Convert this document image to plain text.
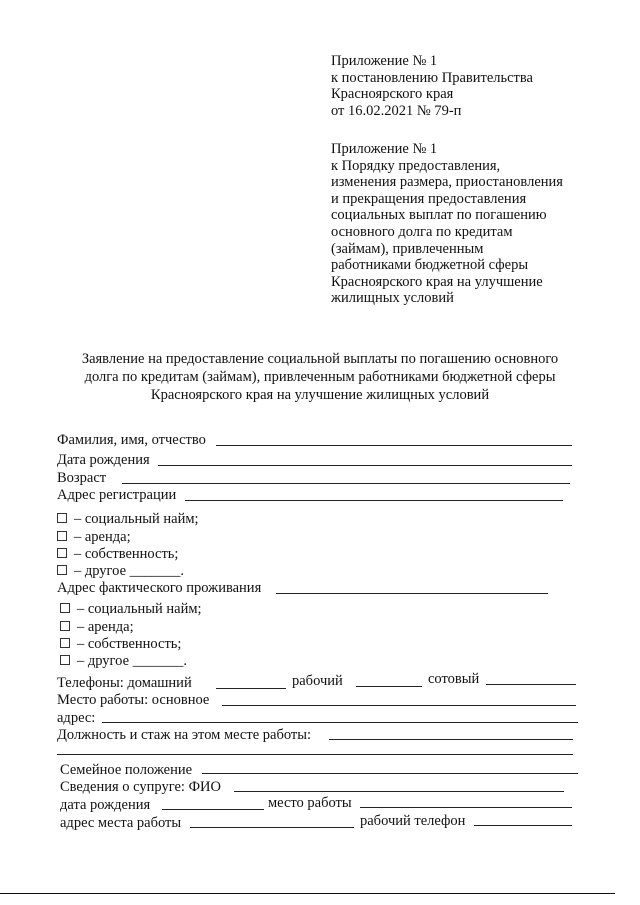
Приложение № 1
к постановлению Правительства
Красноярского края
от 16.02.2021 № 79-п
Приложение № 1
к Порядку предоставления,
изменения размера, приостановления
и прекращения предоставления
социальных выплат по погашению
основного долга по кредитам
(займам), привлеченным
работниками бюджетной сферы
Красноярского края на улучшение
жилищных условий
Заявление на предоставление социальной выплаты по погашению основного
долга по кредитам (займам), привлеченным работниками бюджетной сферы
Красноярского края на улучшение жилищных условий
Фамилия, имя, отчество
Дата рождения
Возраст
Адрес регистрации
– социальный найм;
– аренда;
– собственность;
– другое _______.
Адрес фактического проживания
– социальный найм;
– аренда;
– собственность;
– другое _______.
Телефоны: домашний	рабочий	сотовый
Место работы: основное
адрес:
Должность и стаж на этом месте работы:
Семейное положение
Сведения о супруге: ФИО
дата рождения	место работы
адрес места работы	рабочий телефон
